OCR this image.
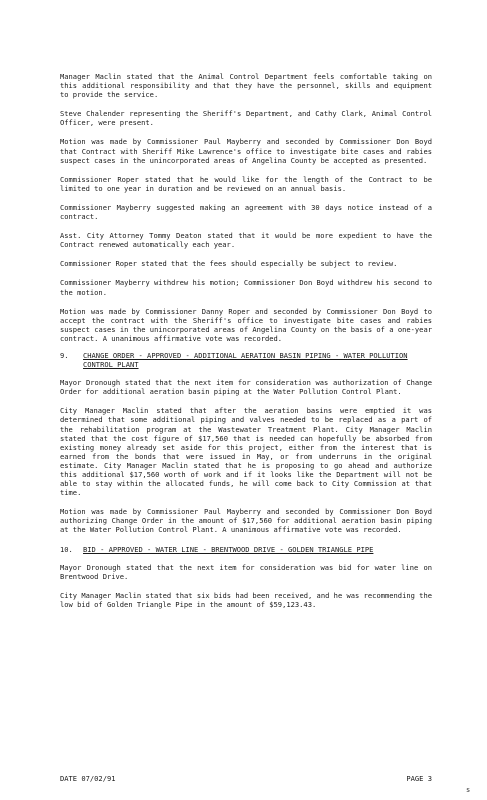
Manager Maclin stated that the Animal Control Department feels comfortable taking on this additional responsibility and that they have the personnel, skills and equipment to provide the service.

Steve Chalender representing the Sheriff's Department, and Cathy Clark, Animal Control Officer, were present.

Motion was made by Commissioner Paul Mayberry and seconded by Commissioner Don Boyd that Contract with Sheriff Mike Lawrence's office to investigate bite cases and rabies suspect cases in the unincorporated areas of Angelina County be accepted as presented.

Commissioner Roper stated that he would like for the length of the Contract to be limited to one year in duration and be reviewed on an annual basis.

Commissioner Mayberry suggested making an agreement with 30 days notice instead of a contract.

Asst. City Attorney Tommy Deaton stated that it would be more expedient to have the Contract renewed automatically each year.

Commissioner Roper stated that the fees should especially be subject to review.

Commissioner Mayberry withdrew his motion; Commissioner Don Boyd withdrew his second to the motion.

Motion was made by Commissioner Danny Roper and seconded by Commissioner Don Boyd to accept the contract with the Sheriff's office to investigate bite cases and rabies suspect cases in the unincorporated areas of Angelina County on the basis of a one-year contract. A unanimous affirmative vote was recorded.

9. CHANGE ORDER - APPROVED - ADDITIONAL AERATION BASIN PIPING - WATER POLLUTION CONTROL PLANT

Mayor Dronough stated that the next item for consideration was authorization of Change Order for additional aeration basin piping at the Water Pollution Control Plant.

City Manager Maclin stated that after the aeration basins were emptied it was determined that some additional piping and valves needed to be replaced as a part of the rehabilitation program at the Wastewater Treatment Plant. City Manager Maclin stated that the cost figure of $17,560 that is needed can hopefully be absorbed from existing money already set aside for this project, either from the interest that is earned from the bonds that were issued in May, or from underruns in the original estimate. City Manager Maclin stated that he is proposing to go ahead and authorize this additional $17,560 worth of work and if it looks like the Department will not be able to stay within the allocated funds, he will come back to City Commission at that time.

Motion was made by Commissioner Paul Mayberry and seconded by Commissioner Don Boyd authorizing Change Order in the amount of $17,560 for additional aeration basin piping at the Water Pollution Control Plant. A unanimous affirmative vote was recorded.

10. BID - APPROVED - WATER LINE - BRENTWOOD DRIVE - GOLDEN TRIANGLE PIPE

Mayor Dronough stated that the next item for consideration was bid for water line on Brentwood Drive.

City Manager Maclin stated that six bids had been received, and he was recommending the low bid of Golden Triangle Pipe in the amount of $59,123.43.

DATE 07/02/91	PAGE 3
s
